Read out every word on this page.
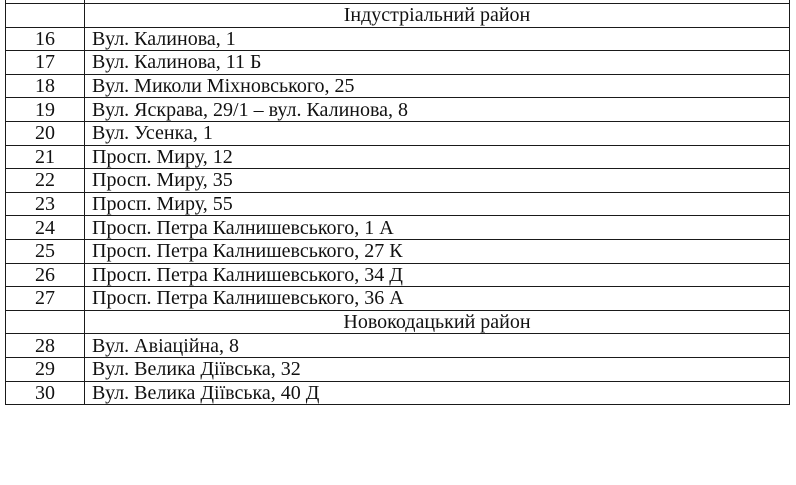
	Індустріальний район
16	Вул. Калинова, 1
17	Вул. Калинова, 11 Б
18	Вул. Миколи Міхновського, 25
19	Вул. Яскрава, 29/1 – вул. Калинова, 8
20	Вул. Усенка, 1
21	Просп. Миру, 12
22	Просп. Миру, 35
23	Просп. Миру, 55
24	Просп. Петра Калнишевського, 1 А
25	Просп. Петра Калнишевського, 27 К
26	Просп. Петра Калнишевського, 34 Д
27	Просп. Петра Калнишевського, 36 А
	Новокодацький район
28	Вул. Авіаційна, 8
29	Вул. Велика Діївська, 32
30	Вул. Велика Діївська, 40 Д
